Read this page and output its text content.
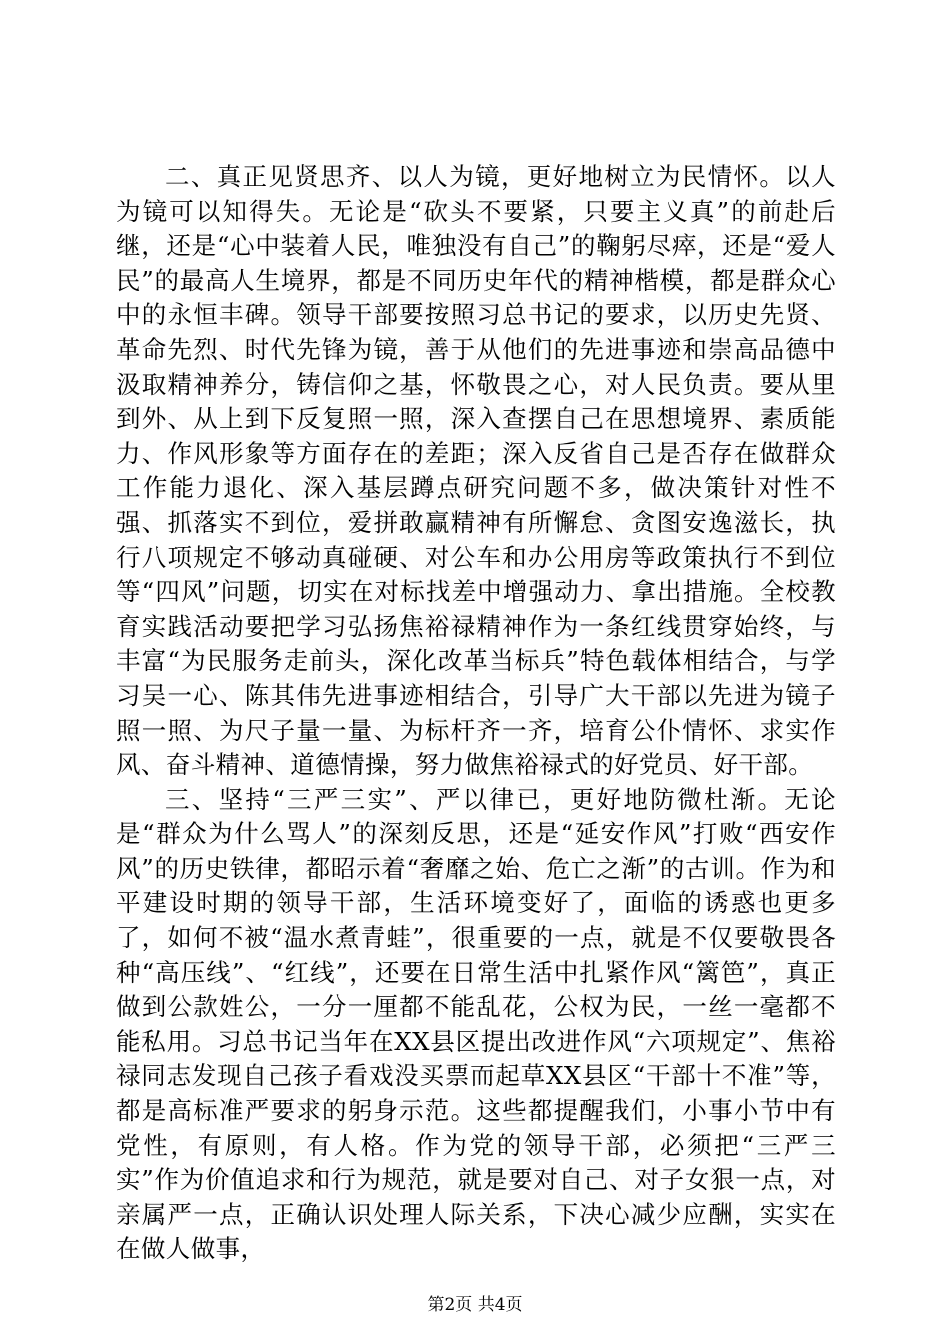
二、真正见贤思齐、以人为镜，更好地树立为民情怀。以人为镜可以知得失。无论是“砍头不要紧，只要主义真”的前赴后继，还是“心中装着人民，唯独没有自己”的鞠躬尽瘁，还是“爱人民”的最高人生境界，都是不同历史年代的精神楷模，都是群众心中的永恒丰碑。领导干部要按照习总书记的要求，以历史先贤、革命先烈、时代先锋为镜，善于从他们的先进事迹和崇高品德中汲取精神养分，铸信仰之基，怀敬畏之心，对人民负责。要从里到外、从上到下反复照一照，深入查摆自己在思想境界、素质能力、作风形象等方面存在的差距；深入反省自己是否存在做群众工作能力退化、深入基层蹲点研究问题不多，做决策针对性不强、抓落实不到位，爱拼敢赢精神有所懈怠、贪图安逸滋长，执行八项规定不够动真碰硬、对公车和办公用房等政策执行不到位等“四风”问题，切实在对标找差中增强动力、拿出措施。全校教育实践活动要把学习弘扬焦裕禄精神作为一条红线贯穿始终，与丰富“为民服务走前头，深化改革当标兵”特色载体相结合，与学习吴一心、陈其伟先进事迹相结合，引导广大干部以先进为镜子照一照、为尺子量一量、为标杆齐一齐，培育公仆情怀、求实作风、奋斗精神、道德情操，努力做焦裕禄式的好党员、好干部。

三、坚持“三严三实”、严以律已，更好地防微杜渐。无论是“群众为什么骂人”的深刻反思，还是“延安作风”打败“西安作风”的历史铁律，都昭示着“奢靡之始、危亡之渐”的古训。作为和平建设时期的领导干部，生活环境变好了，面临的诱惑也更多了，如何不被“温水煮青蛙”，很重要的一点，就是不仅要敬畏各种“高压线”、“红线”，还要在日常生活中扎紧作风“篱笆”，真正做到公款姓公，一分一厘都不能乱花，公权为民，一丝一毫都不能私用。习总书记当年在XX县区提出改进作风“六项规定”、焦裕禄同志发现自己孩子看戏没买票而起草XX县区“干部十不准”等，都是高标准严要求的躬身示范。这些都提醒我们，小事小节中有党性，有原则，有人格。作为党的领导干部，必须把“三严三实”作为价值追求和行为规范，就是要对自己、对子女狠一点，对亲属严一点，正确认识处理人际关系，下决心减少应酬，实实在在做人做事，

第2页 共4页
